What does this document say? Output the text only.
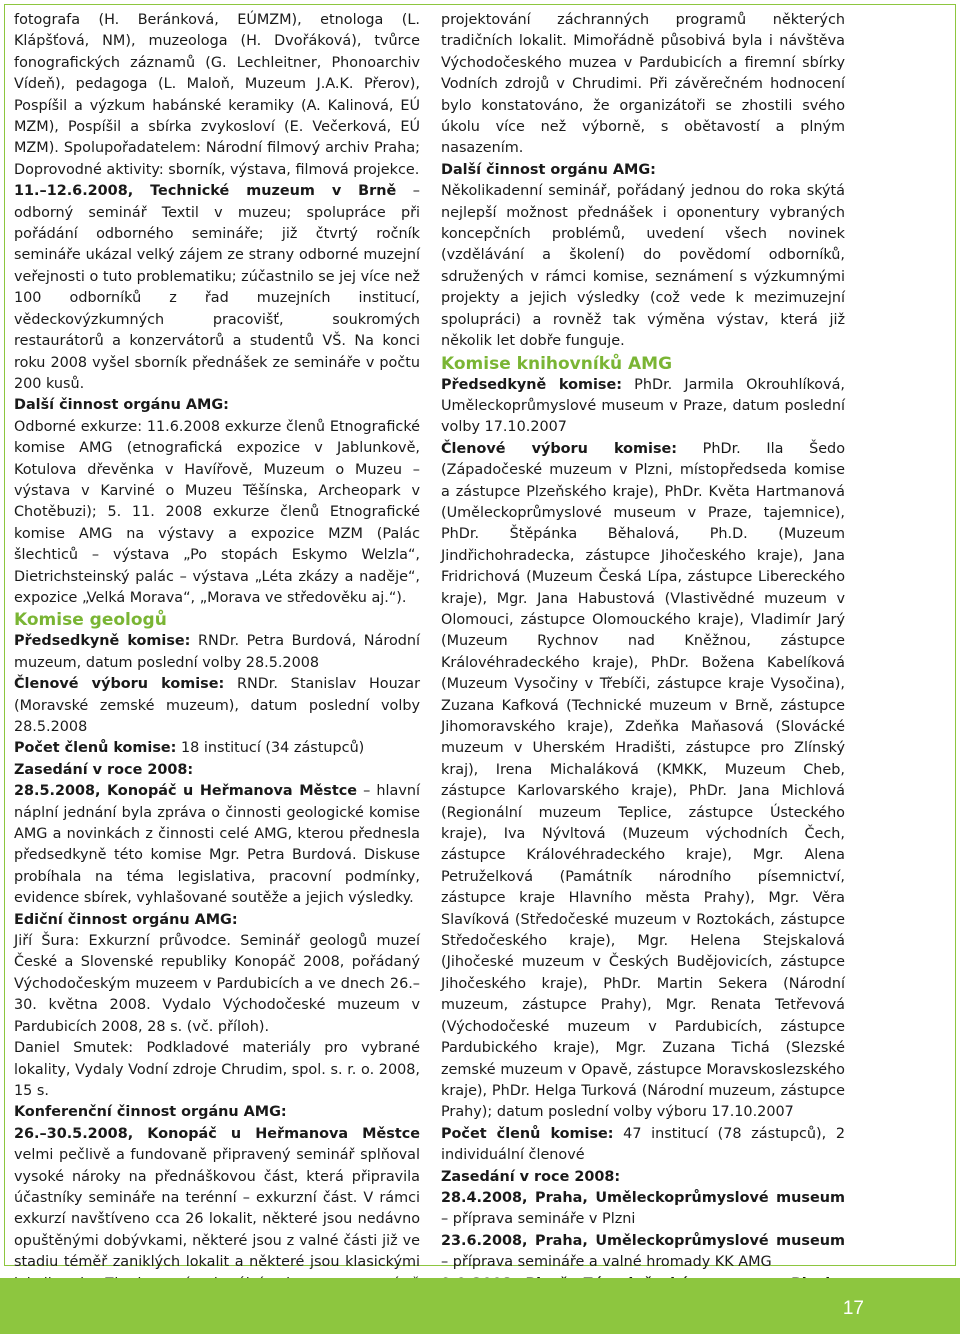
fotografa (H. Beránková, EÚMZM), etnologa (L. Klápšťová, NM), muzeologa (H. Dvořáková), tvůrce fonografických záznamů (G. Lechleitner, Phonoarchiv Vídeň), pedagoga (L. Maloň, Muzeum J.A.K. Přerov), Pospíšil a výzkum habánské keramiky (A. Kalinová, EÚ MZM), Pospíšil a sbírka zvykosloví (E. Večerková, EÚ MZM). Spolupořadatelem: Národní filmový archiv Praha; Doprovodné aktivity: sborník, výstava, filmová projekce.

11.–12.6.2008, Technické muzeum v Brně – odborný seminář Textil v muzeu; spolupráce při pořádání odborného semináře; již čtvrtý ročník semináře ukázal velký zájem ze strany odborné muzejní veřejnosti o tuto problematiku; zúčastnilo se jej více než 100 odborníků z řad muzejních institucí, vědeckovýzkumných pracovišť, soukromých restaurátorů a konzervátorů a studentů VŠ. Na konci roku 2008 vyšel sborník přednášek ze semináře v počtu 200 kusů.

Další činnost orgánu AMG:

Odborné exkurze: 11.6.2008 exkurze členů Etnografické komise AMG (etnografická expozice v Jablunkově, Kotulova dřevěnka v Havířově, Muzeum o Muzeu – výstava v Karviné o Muzeu Těšínska, Archeopark v Chotěbuzi); 5. 11. 2008 exkurze členů Etnografické komise AMG na výstavy a expozice MZM (Palác šlechticů – výstava „Po stopách Eskymo Welzla“, Dietrichsteinský palác – výstava „Léta zkázy a naděje“, expozice „Velká Morava“, „Morava ve středověku aj.“).

Komise geologů

Předsedkyně komise: RNDr. Petra Burdová, Národní muzeum, datum poslední volby 28.5.2008

Členové výboru komise: RNDr. Stanislav Houzar (Moravské zemské muzeum), datum poslední volby 28.5.2008

Počet členů komise: 18 institucí (34 zástupců)

Zasedání v roce 2008:

28.5.2008, Konopáč u Heřmanova Městce – hlavní náplní jednání byla zpráva o činnosti geologické komise AMG a novinkách z činnosti celé AMG, kterou přednesla předsedkyně této komise Mgr. Petra Burdová. Diskuse probíhala na téma legislativa, pracovní podmínky, evidence sbírek, vyhlašované soutěže a jejich výsledky.

Ediční činnost orgánu AMG:

Jiří Šura: Exkurzní průvodce. Seminář geologů muzeí České a Slovenské republiky Konopáč 2008, pořádaný Východočeským muzeem v Pardubicích a ve dnech 26.–30. května 2008. Vydalo Východočeské muzeum v Pardubicích 2008, 28 s. (vč. příloh).

Daniel Smutek: Podkladové materiály pro vybrané lokality, Vydaly Vodní zdroje Chrudim, spol. s. r. o. 2008, 15 s.

Konferenční činnost orgánu AMG:

26.–30.5.2008, Konopáč u Heřmanova Městce velmi pečlivě a fundovaně připravený seminář splňoval vysoké nároky na přednáškovou část, která připravila účastníky semináře na terénní – exkurzní část. V rámci exkurzí navštíveno cca 26 lokalit, některé jsou nedávno opuštěnými dobývkami, některé jsou z valné části již ve stadiu téměř zaniklých lokalit a některé jsou klasickými

projektování záchranných programů některých tradičních lokalit. Mimořádně působivá byla i návštěva Východočeského muzea v Pardubicích a firemní sbírky Vodních zdrojů v Chrudimi. Při závěrečném hodnocení bylo konstatováno, že organizátoři se zhostili svého úkolu více než výborně, s obětavostí a plným nasazením.

Další činnost orgánu AMG:

Několikadenní seminář, pořádaný jednou do roka skýtá nejlepší možnost přednášek i oponentury vybraných koncepčních problémů, uvedení všech novinek (vzdělávání a školení) do povědomí odborníků, sdružených v rámci komise, seznámení s výzkumnými projekty a jejich výsledky (což vede k mezimuzejní spolupráci) a rovněž tak výměna výstav, která již několik let dobře funguje.

Komise knihovníků AMG

Předsedkyně komise: PhDr. Jarmila Okrouhlíková, Uměleckoprůmyslové museum v Praze, datum poslední volby 17.10.2007

Členové výboru komise: PhDr. Ila Šedo (Západočeské muzeum v Plzni, místopředseda komise a zástupce Plzeňského kraje), PhDr. Květa Hartmanová (Uměleckoprůmyslové museum v Praze, tajemnice), PhDr. Štěpánka Běhalová, Ph.D. (Muzeum Jindřichohradecka, zástupce Jihočeského kraje), Jana Fridrichová (Muzeum Česká Lípa, zástupce Libereckého kraje), Mgr. Jana Habustová (Vlastivědné muzeum v Olomouci, zástupce Olomouckého kraje), Vladimír Jarý (Muzeum Rychnov nad Kněžnou, zástupce Královéhradeckého kraje), PhDr. Božena Kabelíková (Muzeum Vysočiny v Třebíči, zástupce kraje Vysočina), Zuzana Kafková (Technické muzeum v Brně, zástupce Jihomoravského kraje), Zdeňka Maňasová (Slovácké muzeum v Uherském Hradišti, zástupce pro Zlínský kraj), Irena Michaláková (KMKK, Muzeum Cheb, zástupce Karlovarského kraje), PhDr. Jana Michlová (Regionální muzeum Teplice, zástupce Ústeckého kraje), Iva Nývltová (Muzeum východních Čech, zástupce Královéhradeckého kraje), Mgr. Alena Petruželková (Památník národního písemnictví, zástupce kraje Hlavního města Prahy), Mgr. Věra Slavíková (Středočeské muzeum v Roztokách, zástupce Středočeského kraje), Mgr. Helena Stejskalová (Jihočeské muzeum v Českých Budějovicích, zástupce Jihočeského kraje), PhDr. Martin Sekera (Národní muzeum, zástupce Prahy), Mgr. Renata Tetřevová (Východočeské muzeum v Pardubicích, zástupce Pardubického kraje), Mgr. Zuzana Tichá (Slezské zemské muzeum v Opavě, zástupce Moravskoslezského kraje), PhDr. Helga Turková (Národní muzeum, zástupce Prahy); datum poslední volby výboru 17.10.2007

Počet členů komise: 47 institucí (78 zástupců), 2 individuální členové

Zasedání v roce 2008:

28.4.2008, Praha, Uměleckoprůmyslové museum – příprava semináře v Plzni

23.6.2008, Praha, Uměleckoprůmyslové museum – příprava semináře a valné hromady KK AMG

17
